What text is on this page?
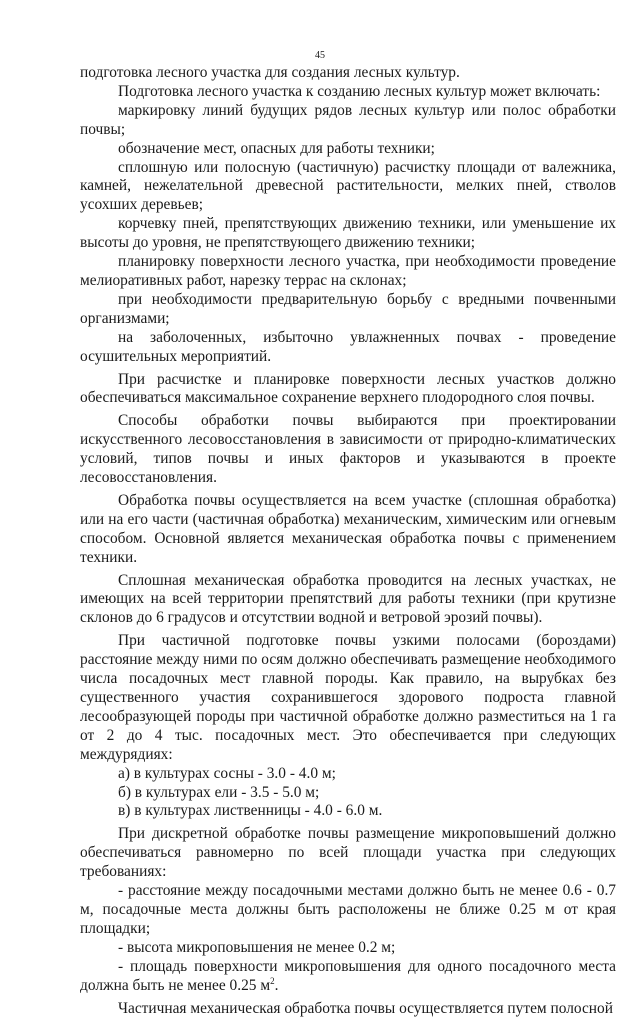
45

подготовка лесного участка для создания лесных культур.

Подготовка лесного участка к созданию лесных культур может включать:

маркировку линий будущих рядов лесных культур или полос обработки почвы;

обозначение мест, опасных для работы техники;

сплошную или полосную (частичную) расчистку площади от валежника, камней, нежелательной древесной растительности, мелких пней, стволов усохших деревьев;

корчевку пней, препятствующих движению техники, или уменьшение их высоты до уровня, не препятствующего движению техники;

планировку поверхности лесного участка, при необходимости проведение мелиоративных работ, нарезку террас на склонах;

при необходимости предварительную борьбу с вредными почвенными организмами;

на заболоченных, избыточно увлажненных почвах - проведение осушительных мероприятий.

При расчистке и планировке поверхности лесных участков должно обеспечиваться максимальное сохранение верхнего плодородного слоя почвы.

Способы обработки почвы выбираются при проектировании искусственного лесовосстановления в зависимости от природно-климатических условий, типов почвы и иных факторов и указываются в проекте лесовосстановления.

Обработка почвы осуществляется на всем участке (сплошная обработка) или на его части (частичная обработка) механическим, химическим или огневым способом. Основной является механическая обработка почвы с применением техники.

Сплошная механическая обработка проводится на лесных участках, не имеющих на всей территории препятствий для работы техники (при крутизне склонов до 6 градусов и отсутствии водной и ветровой эрозий почвы).

При частичной подготовке почвы узкими полосами (бороздами) расстояние между ними по осям должно обеспечивать размещение необходимого числа посадочных мест главной породы. Как правило, на вырубках без существенного участия сохранившегося здорового подроста главной лесообразующей породы при частичной обработке должно разместиться на 1 га от 2 до 4 тыс. посадочных мест. Это обеспечивается при следующих междурядиях:

а) в культурах сосны - 3.0 - 4.0 м;

б) в культурах ели - 3.5 - 5.0 м;

в) в культурах лиственницы - 4.0 - 6.0 м.

При дискретной обработке почвы размещение микроповышений должно обеспечиваться равномерно по всей площади участка при следующих требованиях:

- расстояние между посадочными местами должно быть не менее 0.6 - 0.7 м, посадочные места должны быть расположены не ближе 0.25 м от края площадки;

- высота микроповышения не менее 0.2 м;

- площадь поверхности микроповышения для одного посадочного места должна быть не менее 0.25 $м^2$.

Частичная механическая обработка почвы осуществляется путем полосной
